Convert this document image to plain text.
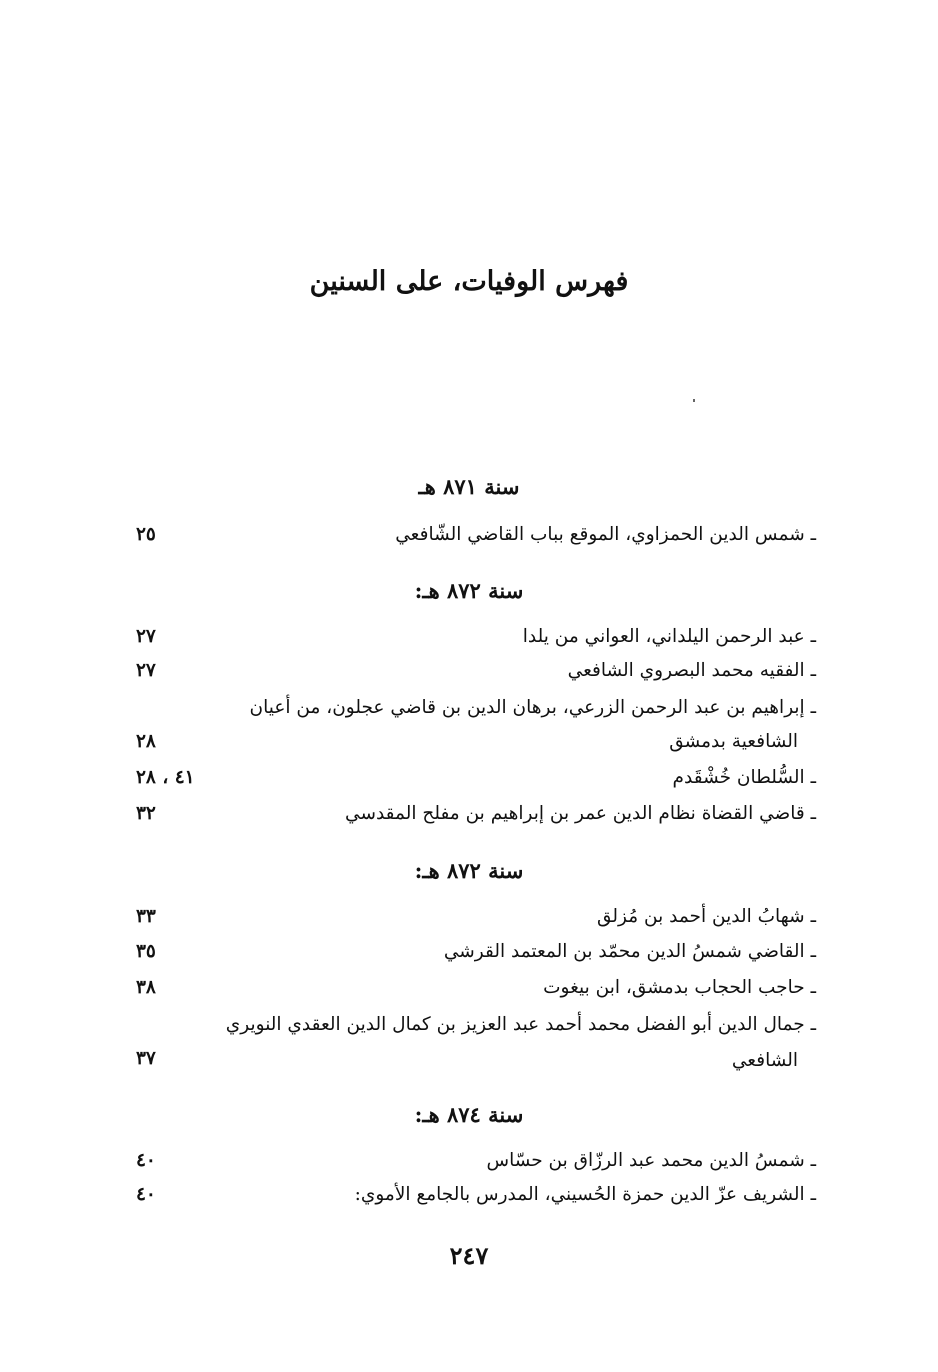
فهرس الوفيات، على السنين
سنة ٨٧١ هـ
ـ شمس الدين الحمزاوي، الموقع بباب القاضي الشّافعي
٢٥
سنة ٨٧٢ هـ:
ـ عبد الرحمن اليلداني، العواني من يلدا
٢٧
ـ الفقيه محمد البصروي الشافعي
٢٧
ـ إبراهيم بن عبد الرحمن الزرعي، برهان الدين بن قاضي عجلون، من أعيان
الشافعية بدمشق
٢٨
ـ السُّلطان خُشْقَدم
٤١ ، ٢٨
ـ قاضي القضاة نظام الدين عمر بن إبراهيم بن مفلح المقدسي
٣٢
سنة ٨٧٢ هـ:
ـ شهابُ الدين أحمد بن مُزلق
٣٣
ـ القاضي شمسُ الدين محمّد بن المعتمد القرشي
٣٥
ـ حاجب الحجاب بدمشق، ابن بيغوت
٣٨
ـ جمال الدين أبو الفضل محمد أحمد عبد العزيز بن كمال الدين العقدي النويري
الشافعي
٣٧
سنة ٨٧٤ هـ:
ـ شمسُ الدين محمد عبد الرزّاق بن حسّاس
٤٠
ـ الشريف عزّ الدين حمزة الحُسيني، المدرس بالجامع الأموي:
٤٠
٢٤٧
